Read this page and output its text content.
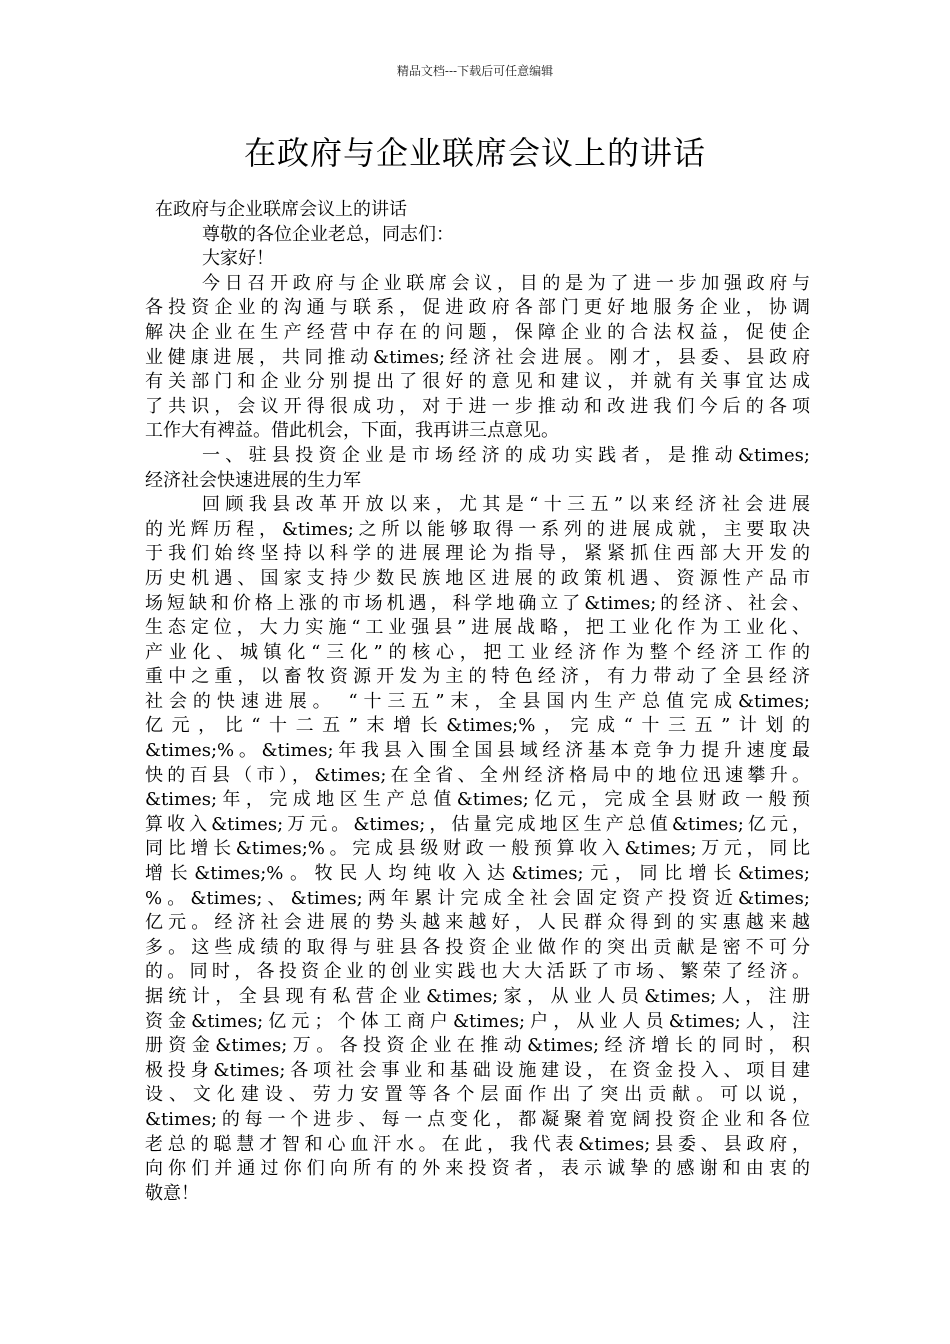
精品文档---下载后可任意编辑
在政府与企业联席会议上的讲话
在政府与企业联席会议上的讲话
尊敬的各位企业老总，同志们：
大家好！
今日召开政府与企业联席会议，目的是为了进一步加强政府与
各投资企业的沟通与联系，促进政府各部门更好地服务企业，协调
解决企业在生产经营中存在的问题，保障企业的合法权益，促使企
业健康进展，共同推动&times;经济社会进展。刚才，县委、县政府
有关部门和企业分别提出了很好的意见和建议，并就有关事宜达成
了共识，会议开得很成功，对于进一步推动和改进我们今后的各项
工作大有裨益。借此机会，下面，我再讲三点意见。
一、驻县投资企业是市场经济的成功实践者，是推动&times;
经济社会快速进展的生力军
回顾我县改革开放以来，尤其是“十三五”以来经济社会进展
的光辉历程，&times;之所以能够取得一系列的进展成就，主要取决
于我们始终坚持以科学的进展理论为指导，紧紧抓住西部大开发的
历史机遇、国家支持少数民族地区进展的政策机遇、资源性产品市
场短缺和价格上涨的市场机遇，科学地确立了&times;的经济、社会、
生态定位，大力实施“工业强县”进展战略，把工业化作为工业化、
产业化、城镇化“三化”的核心，把工业经济作为整个经济工作的
重中之重，以畜牧资源开发为主的特色经济，有力带动了全县经济
社会的快速进展。 “十三五”末，全县国内生产总值完成&times;
亿元，比“十二五”末增长&times;%，完成“十三五”计划的
&times;%。&times;年我县入围全国县域经济基本竞争力提升速度最
快的百县（市），&times;在全省、全州经济格局中的地位迅速攀升。
&times;年，完成地区生产总值&times;亿元，完成全县财政一般预
算收入&times;万元。&times;，估量完成地区生产总值&times;亿元，
同比增长&times;%。完成县级财政一般预算收入&times;万元，同比
增长&times;%。牧民人均纯收入达&times;元，同比增长&times;
%。&times;、&times;两年累计完成全社会固定资产投资近&times;
亿元。经济社会进展的势头越来越好，人民群众得到的实惠越来越
多。这些成绩的取得与驻县各投资企业做作的突出贡献是密不可分
的。同时，各投资企业的创业实践也大大活跃了市场、繁荣了经济。
据统计，全县现有私营企业&times;家，从业人员&times;人，注册
资金&times;亿元；个体工商户&times;户，从业人员&times;人，注
册资金&times;万。各投资企业在推动&times;经济增长的同时，积
极投身&times;各项社会事业和基础设施建设，在资金投入、项目建
设、文化建设、劳力安置等各个层面作出了突出贡献。可以说，
&times;的每一个进步、每一点变化，都凝聚着宽阔投资企业和各位
老总的聪慧才智和心血汗水。在此，我代表&times;县委、县政府，
向你们并通过你们向所有的外来投资者，表示诚挚的感谢和由衷的
敬意！
